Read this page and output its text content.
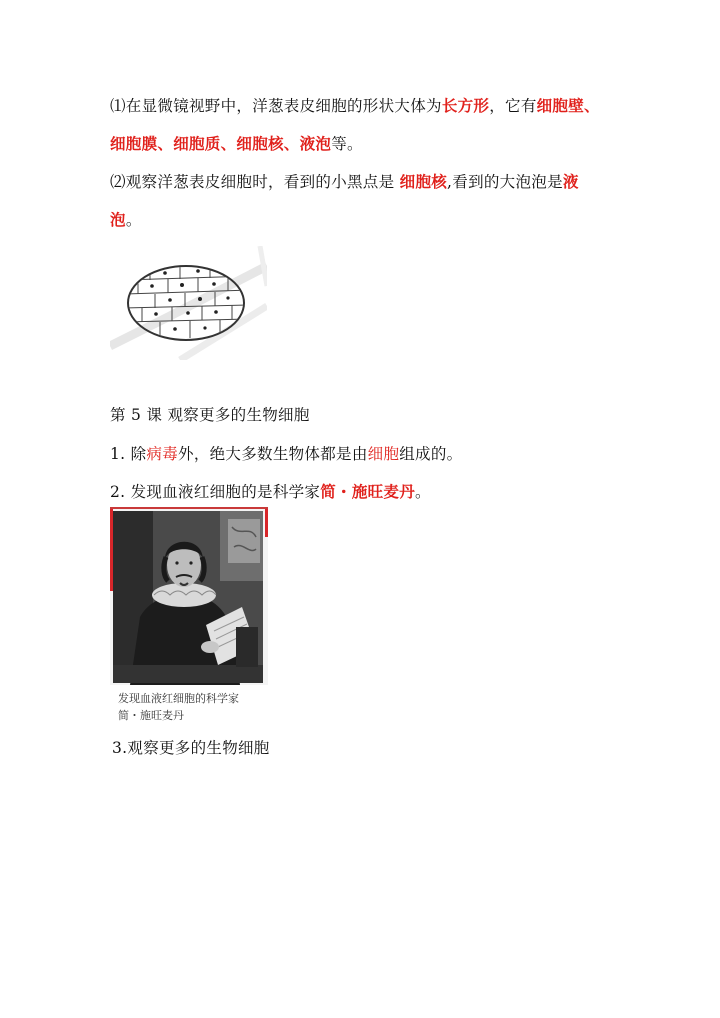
⑴在显微镜视野中，洋葱表皮细胞的形状大体为长方形，它有细胞壁、
细胞膜、细胞质、细胞核、液泡等。
⑵观察洋葱表皮细胞时，看到的小黑点是 细胞核,看到的大泡泡是液
泡。
第 5 课 观察更多的生物细胞
1. 除病毒外，绝大多数生物体都是由细胞组成的。
2. 发现血液红细胞的是科学家简・施旺麦丹。
发现血液红细胞的科学家
简・施旺麦丹
3.观察更多的生物细胞
